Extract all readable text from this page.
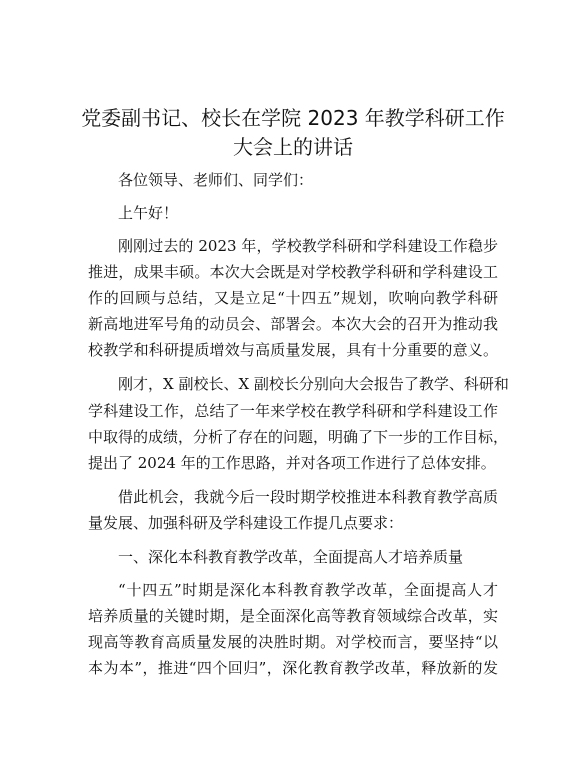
党委副书记、校长在学院 2023 年教学科研工作
大会上的讲话

各位领导、老师们、同学们：

上午好！

刚刚过去的 2023 年，学校教学科研和学科建设工作稳步

推进，成果丰硕。本次大会既是对学校教学科研和学科建设工

作的回顾与总结，又是立足“十四五”规划，吹响向教学科研

新高地进军号角的动员会、部署会。本次大会的召开为推动我

校教学和科研提质增效与高质量发展，具有十分重要的意义。

刚才，X 副校长、X 副校长分别向大会报告了教学、科研和

学科建设工作，总结了一年来学校在教学科研和学科建设工作

中取得的成绩，分析了存在的问题，明确了下一步的工作目标，

提出了 2024 年的工作思路，并对各项工作进行了总体安排。

借此机会，我就今后一段时期学校推进本科教育教学高质

量发展、加强科研及学科建设工作提几点要求：

一、深化本科教育教学改革，全面提高人才培养质量

“十四五”时期是深化本科教育教学改革，全面提高人才

培养质量的关键时期，是全面深化高等教育领域综合改革，实

现高等教育高质量发展的决胜时期。对学校而言，要坚持“以

本为本”，推进“四个回归”，深化教育教学改革，释放新的发
